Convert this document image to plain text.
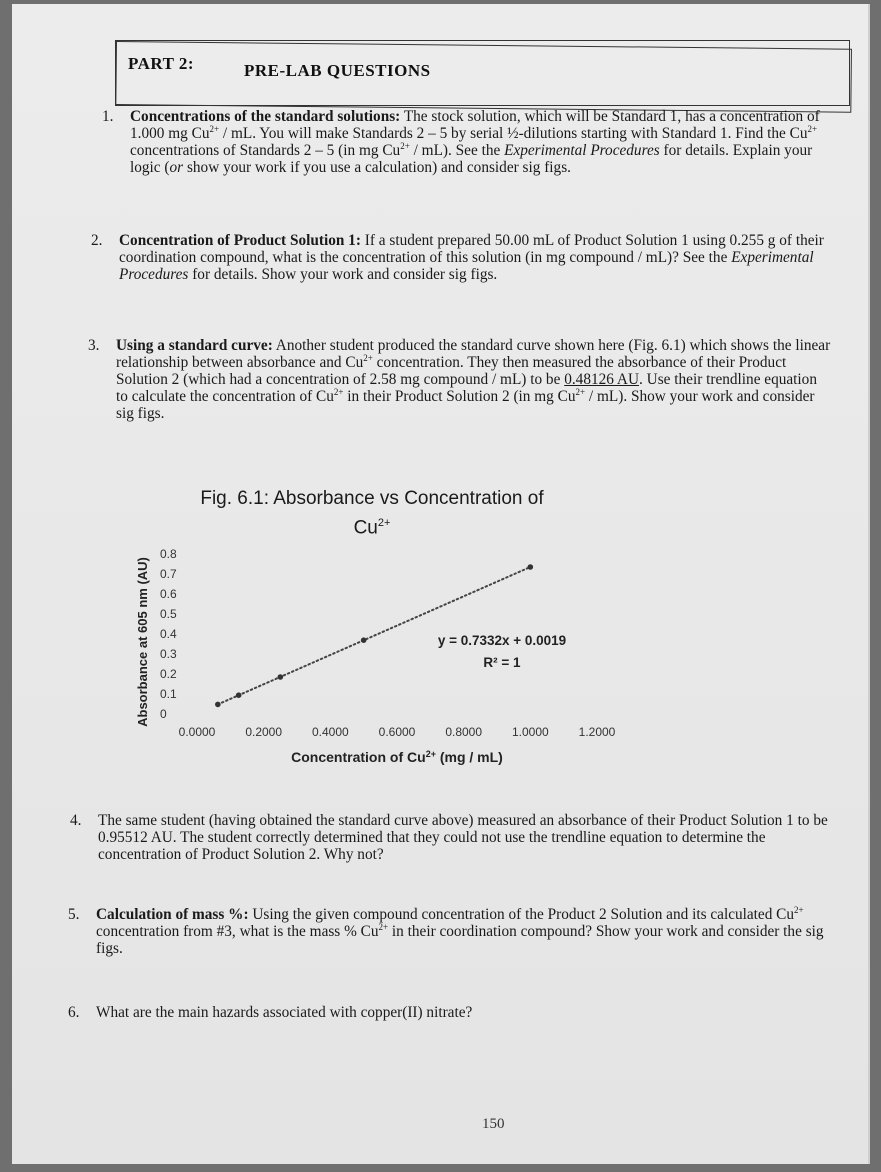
PART 2:	PRE-LAB QUESTIONS
1. Concentrations of the standard solutions: The stock solution, which will be Standard 1, has a concentration of 1.000 mg $Cu^{2+}$ / mL. You will make Standards 2 – 5 by serial ½-dilutions starting with Standard 1. Find the $Cu^{2+}$ concentrations of Standards 2 – 5 (in mg $Cu^{2+} / mL$). See the Experimental Procedures for details. Explain your logic (or show your work if you use a calculation) and consider sig figs.
2. Concentration of Product Solution 1: If a student prepared 50.00 mL of Product Solution 1 using 0.255 g of their coordination compound, what is the concentration of this solution (in mg compound / mL)? See the Experimental Procedures for details. Show your work and consider sig figs.
3. Using a standard curve: Another student produced the standard curve shown here (Fig. 6.1) which shows the linear relationship between absorbance and $Cu^{2+}$ concentration. They then measured the absorbance of their Product Solution 2 (which had a concentration of 2.58 mg compound / mL) to be 0.48126 AU. Use their trendline equation to calculate the concentration of $Cu^{2+}$ in their Product Solution 2 (in mg $Cu^{2+} / mL$). Show your work and consider sig figs.
Fig. 6.1: Absorbance vs Concentration of $Cu^{2+}$
0
0.1
0.2
0.3
0.4
0.5
0.6
0.7
0.8
0.0000 0.2000 0.4000 0.6000 0.8000 1.0000 1.2000
Absorbance at 605 nm (AU)
Concentration of $Cu^{2+}$ (mg / mL)
y = 0.7332x + 0.0019
R² = 1
4. The same student (having obtained the standard curve above) measured an absorbance of their Product Solution 1 to be 0.95512 AU. The student correctly determined that they could not use the trendline equation to determine the concentration of Product Solution 2. Why not?
5. Calculation of mass %: Using the given compound concentration of the Product 2 Solution and its calculated $Cu^{2+}$ concentration from #3, what is the mass % $Cu^{2+}$ in their coordination compound? Show your work and consider the sig figs.
6. What are the main hazards associated with copper(II) nitrate?
150
